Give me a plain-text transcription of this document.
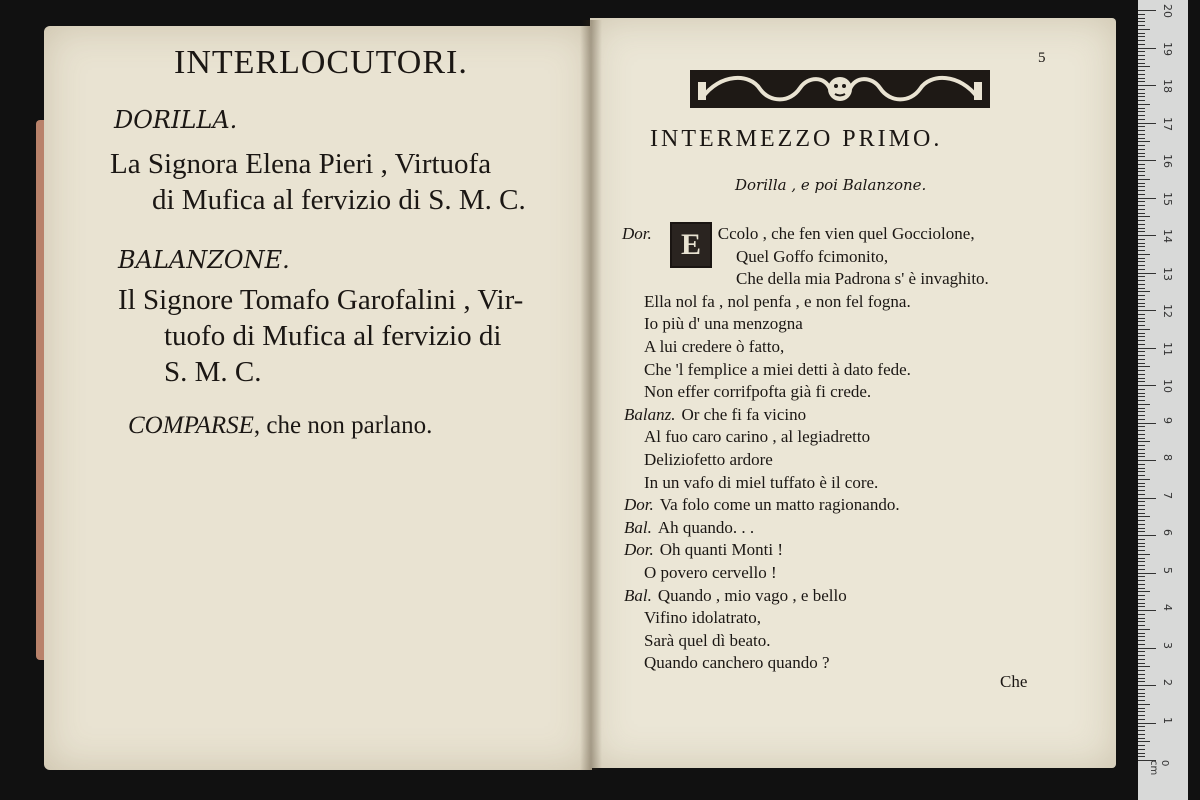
INTERLOCUTORI.
DORILLA.
La Signora Elena Pieri , Virtuofa
di Mufica al fervizio di S. M. C.
BALANZONE.
Il Signore Tomafo Garofalini , Vir-
tuofo di Mufica al fervizio di
S. M. C.
COMPARSE, che non parlano.
5
INTERMEZZO PRIMO.
Dorilla , e poi Balanzone.
E
Dor.	Ccolo , che fen vien quel Gocciolone,
Quel Goffo fcimonito,
Che della mia Padrona s' è invaghito.
Ella nol fa , nol penfa , e non fel fogna.
Io più d' una menzogna
A lui credere ò fatto,
Che 'l femplice a miei detti à dato fede.
Non effer corrifpofta già fi crede.
Balanz. Or che fi fa vicino
Al fuo caro carino , al legiadretto
Deliziofetto ardore
In un vafo di miel tuffato è il core.
Dor. Va folo come un matto ragionando.
Bal. Ah quando. . .
Dor. Oh quanti Monti !
O povero cervello !
Bal. Quando , mio vago , e bello
Vifino idolatrato,
Sarà quel dì beato.
Quando canchero quando ?
Che
1
2
3
4
5
6
7
8
9
10
11
12
13
14
15
16
17
18
19
20
0 cm
